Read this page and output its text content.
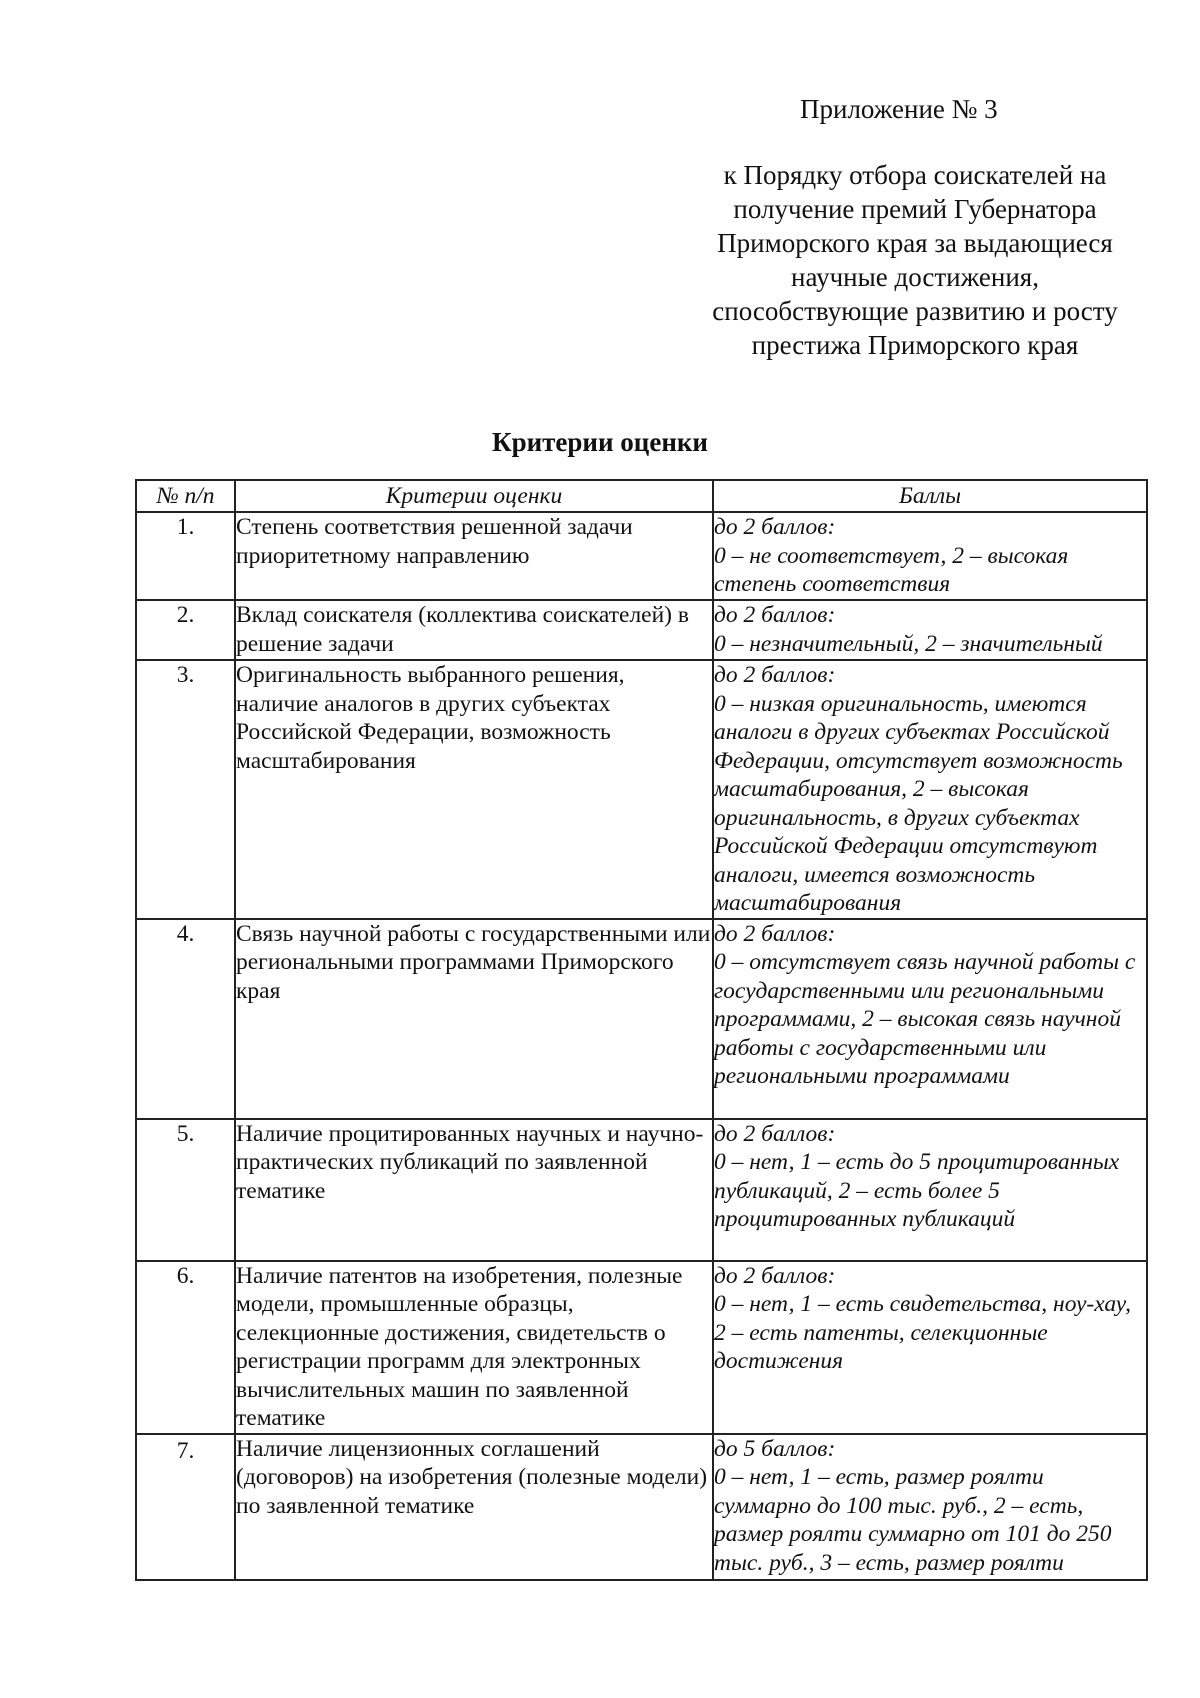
Приложение № 3
к Порядку отбора соискателей на получение премий Губернатора Приморского края за выдающиеся научные достижения, способствующие развитию и росту престижа Приморского края
Критерии оценки
№ п/п	Критерии оценки	Баллы
1.	Степень соответствия решенной задачи приоритетному направлению	до 2 баллов:
0 – не соответствует, 2 – высокая степень соответствия

2.	Вклад соискателя (коллектива соискателей) в решение задачи	до 2 баллов:
0 – незначительный, 2 – значительный

3.	Оригинальность выбранного решения, наличие аналогов в других субъектах Российской Федерации, возможность масштабирования	до 2 баллов:
0 – низкая оригинальность, имеются аналоги в других субъектах Российской Федерации, отсутствует возможность масштабирования, 2 – высокая оригинальность, в других субъектах Российской Федерации отсутствуют аналоги, имеется возможность масштабирования

4.	Связь научной работы с государственными или региональными программами Приморского края	до 2 баллов:
0 – отсутствует связь научной работы с государственными или региональными программами, 2 – высокая связь научной работы с государственными или региональными программами

5.	Наличие процитированных научных и научно-практических публикаций по заявленной тематике	до 2 баллов:
0 – нет, 1 – есть до 5 процитированных публикаций, 2 – есть более 5 процитированных публикаций

6.	Наличие патентов на изобретения, полезные модели, промышленные образцы, селекционные достижения, свидетельств о регистрации программ для электронных вычислительных машин по заявленной тематике	до 2 баллов:
0 – нет, 1 – есть свидетельства, ноу-хау, 2 – есть патенты, селекционные достижения

7.	Наличие лицензионных соглашений (договоров) на изобретения (полезные модели) по заявленной тематике	до 5 баллов:
0 – нет, 1 – есть, размер роялти суммарно до 100 тыс. руб., 2 – есть, размер роялти суммарно от 101 до 250 тыс. руб., 3 – есть, размер роялти
